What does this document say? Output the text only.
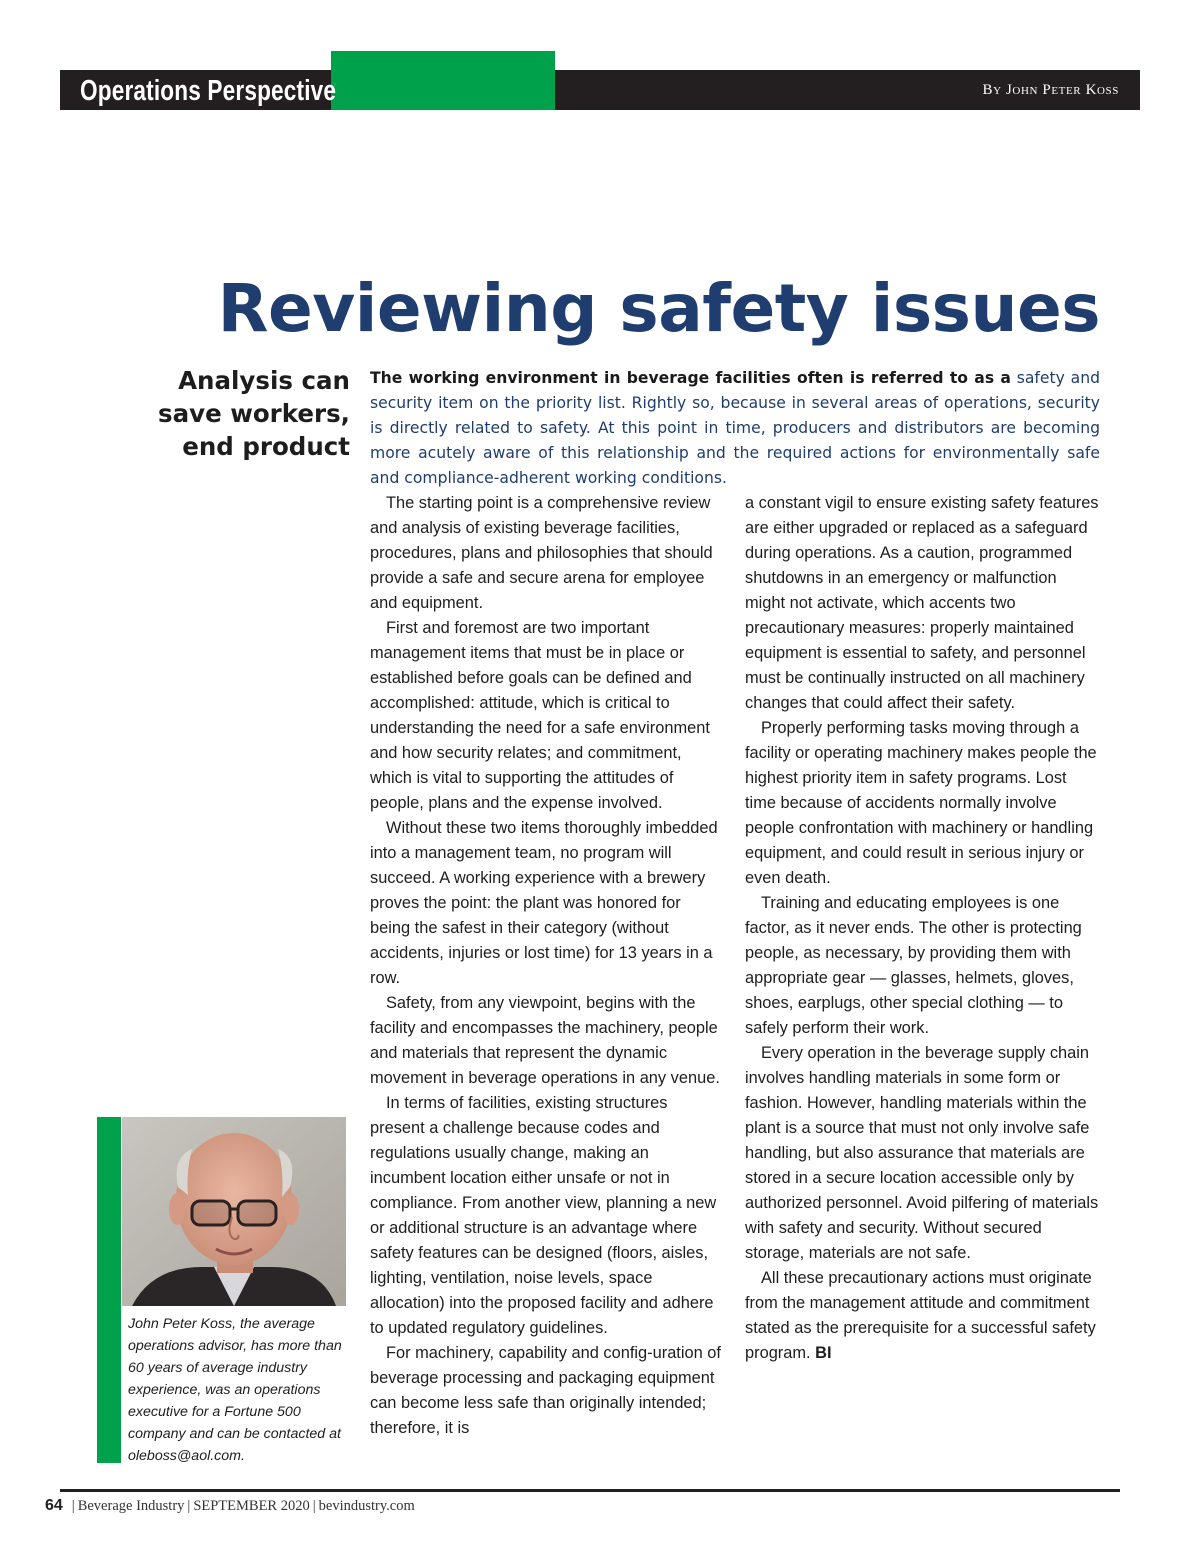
Operations Perspective	By John Peter Koss
Reviewing safety issues
Analysis can
save workers,
end product
The working environment in beverage facilities often is referred to as a safety and security item on the priority list. Rightly so, because in several areas of operations, security is directly related to safety. At this point in time, producers and distributors are becoming more acutely aware of this relationship and the required actions for environmentally safe and compliance-adherent working conditions.

The starting point is a comprehensive review and analysis of existing beverage facilities, procedures, plans and philosophies that should provide a safe and secure arena for employee and equipment.

First and foremost are two important management items that must be in place or established before goals can be defined and accomplished: attitude, which is critical to understanding the need for a safe environment and how security relates; and commitment, which is vital to supporting the attitudes of people, plans and the expense involved.

Without these two items thoroughly imbedded into a management team, no program will succeed. A working experience with a brewery proves the point: the plant was honored for being the safest in their category (without accidents, injuries or lost time) for 13 years in a row.

Safety, from any viewpoint, begins with the facility and encompasses the machinery, people and materials that represent the dynamic movement in beverage operations in any venue.

In terms of facilities, existing structures present a challenge because codes and regulations usually change, making an incumbent location either unsafe or not in compliance. From another view, planning a new or additional structure is an advantage where safety features can be designed (floors, aisles, lighting, ventilation, noise levels, space allocation) into the proposed facility and adhere to updated regulatory guidelines.

For machinery, capability and config-uration of beverage processing and packaging equipment can become less safe than originally intended; therefore, it is

a constant vigil to ensure existing safety features are either upgraded or replaced as a safeguard during operations. As a caution, programmed shutdowns in an emergency or malfunction might not activate, which accents two precautionary measures: properly maintained equipment is essential to safety, and personnel must be continually instructed on all machinery changes that could affect their safety.

Properly performing tasks moving through a facility or operating machinery makes people the highest priority item in safety programs. Lost time because of accidents normally involve people confrontation with machinery or handling equipment, and could result in serious injury or even death.

Training and educating employees is one factor, as it never ends. The other is protecting people, as necessary, by providing them with appropriate gear — glasses, helmets, gloves, shoes, earplugs, other special clothing — to safely perform their work.

Every operation in the beverage supply chain involves handling materials in some form or fashion. However, handling materials within the plant is a source that must not only involve safe handling, but also assurance that materials are stored in a secure location accessible only by authorized personnel. Avoid pilfering of materials with safety and security. Without secured storage, materials are not safe.

All these precautionary actions must originate from the management attitude and commitment stated as the prerequisite for a successful safety program. BI

John Peter Koss, the average operations advisor, has more than 60 years of average industry experience, was an operations executive for a Fortune 500 company and can be contacted at oleboss@aol.com.
64 | Beverage Industry | SEPTEMBER 2020 | bevindustry.com
